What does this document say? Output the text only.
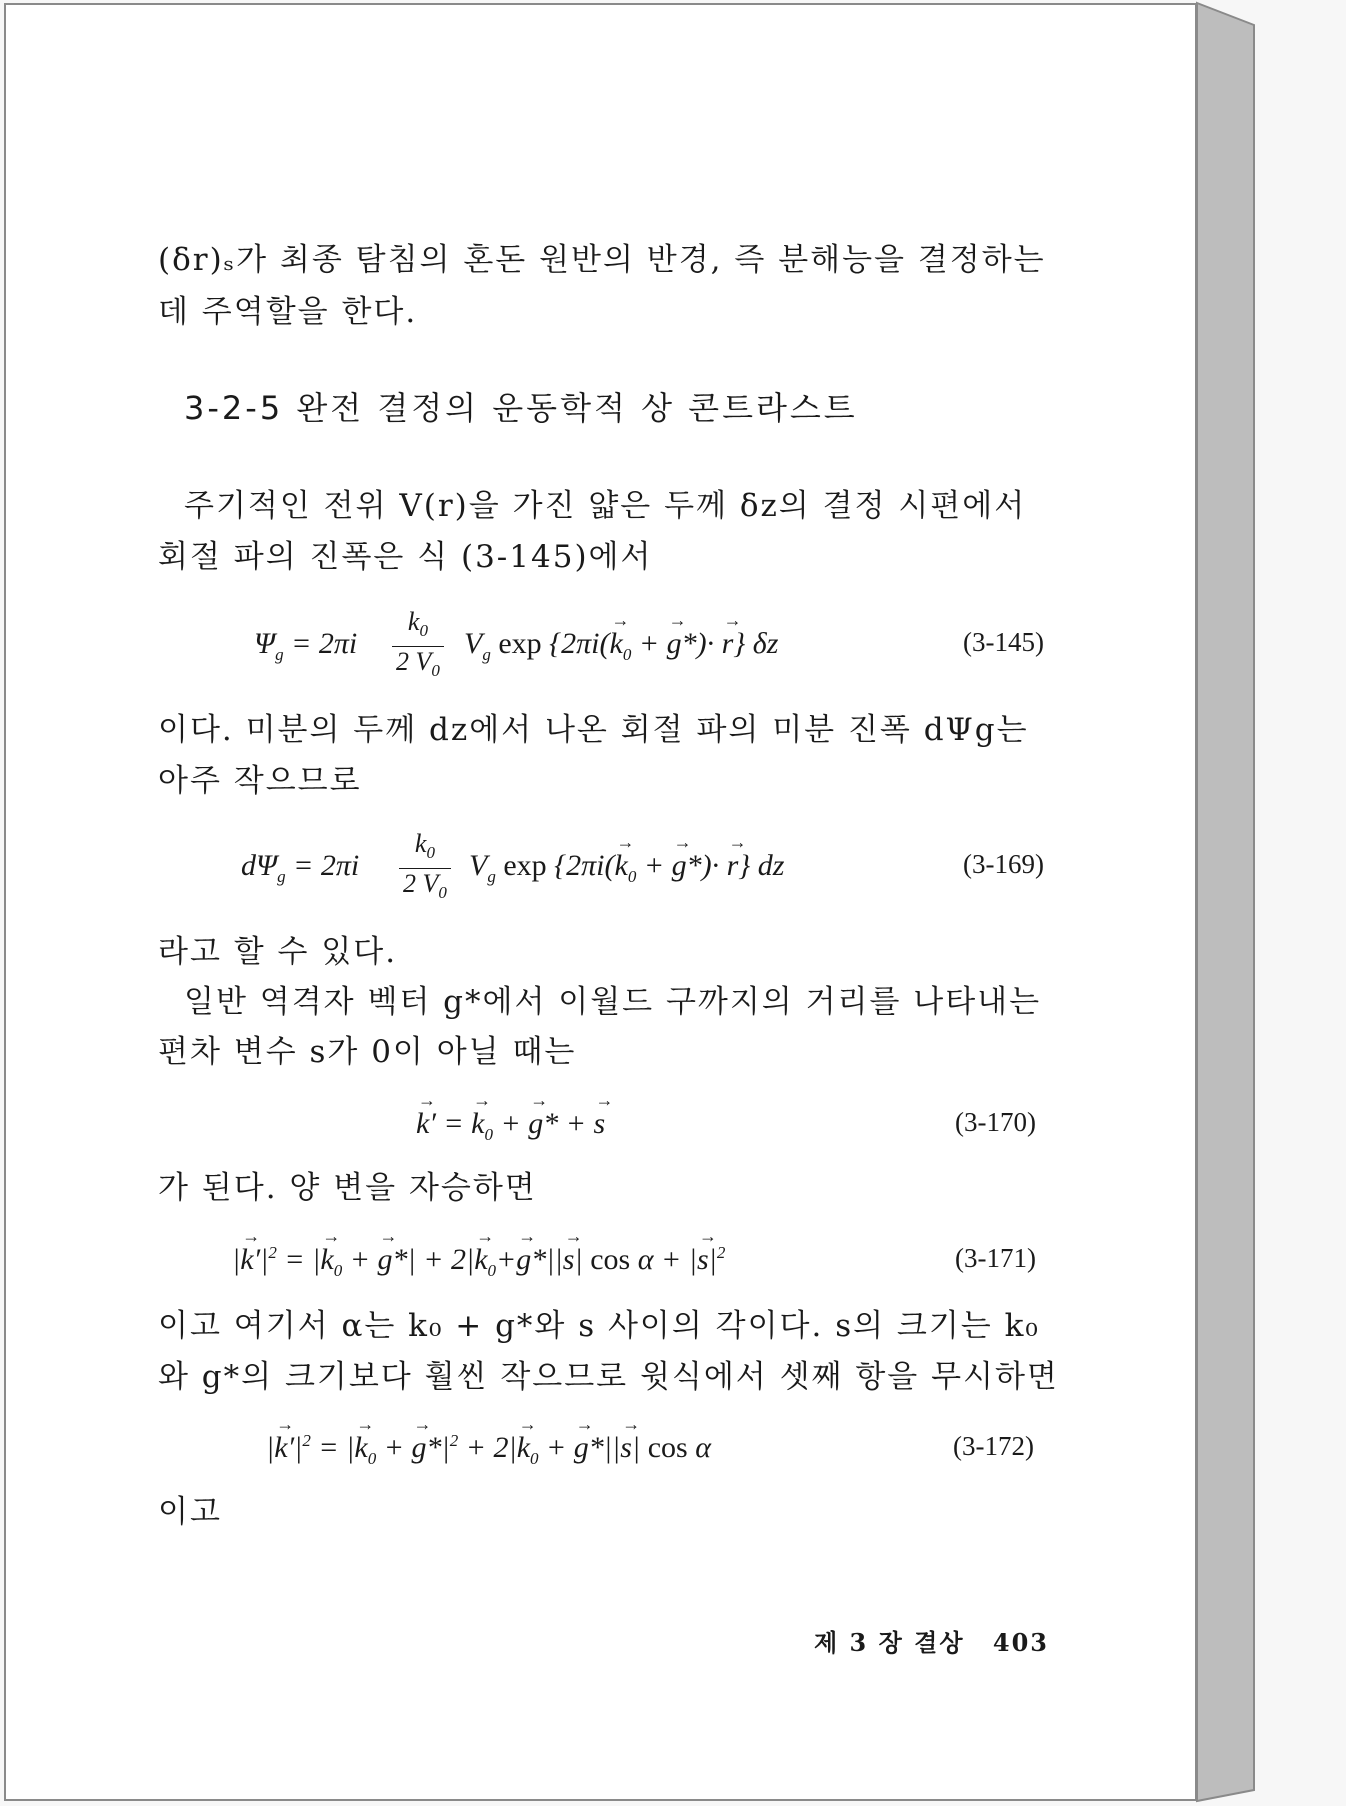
(δr)ₛ가 최종 탐침의 혼돈 원반의 반경, 즉 분해능을 결정하는

데 주역할을 한다.

3-2-5 완전 결정의 운동학적 상 콘트라스트

주기적인 전위 V(r)을 가진 얇은 두께 δz의 결정 시편에서

회절 파의 진폭은 식 (3-145)에서

$\Psi_g = 2\pi i \frac{k_0}{2 V_0} V_g$ $\exp \{2\pi i(\to k_0$ + → g*)· → r} δz	(3-145)

이다. 미분의 두께 dz에서 나온 회절 파의 미분 진폭 dΨg는

아주 작으므로

$d\Psi_g = 2\pi i \frac{k_0}{2 V_0} V_g$ $\exp \{2\pi i(\to k_0$ + → g*)· → r} dz	(3-169)

라고 할 수 있다.

일반 역격자 벡터 g*에서 이월드 구까지의 거리를 나타내는

편차 변수 s가 0이 아닐 때는

→ k′ = → $k_0$ + → g* + → s	(3-170)

가 된다. 양 변을 자승하면

|→ $k'|^2$ = |→ $k_0$ + → $g*| + 2|\to k_0+\to g*||\to s|$ cos α + |→ $s|^2$	(3-171)

이고 여기서 α는 k₀ + g*와 s 사이의 각이다. s의 크기는 k₀

와 g*의 크기보다 훨씬 작으므로 윗식에서 셋째 항을 무시하면

|→ $k'|^2$ = |→ $k_0$ + → $g*|^2 + 2|\to k_0$ + → g*||→ s| cos α	(3-172)

이고

제 3 장 결상 403
